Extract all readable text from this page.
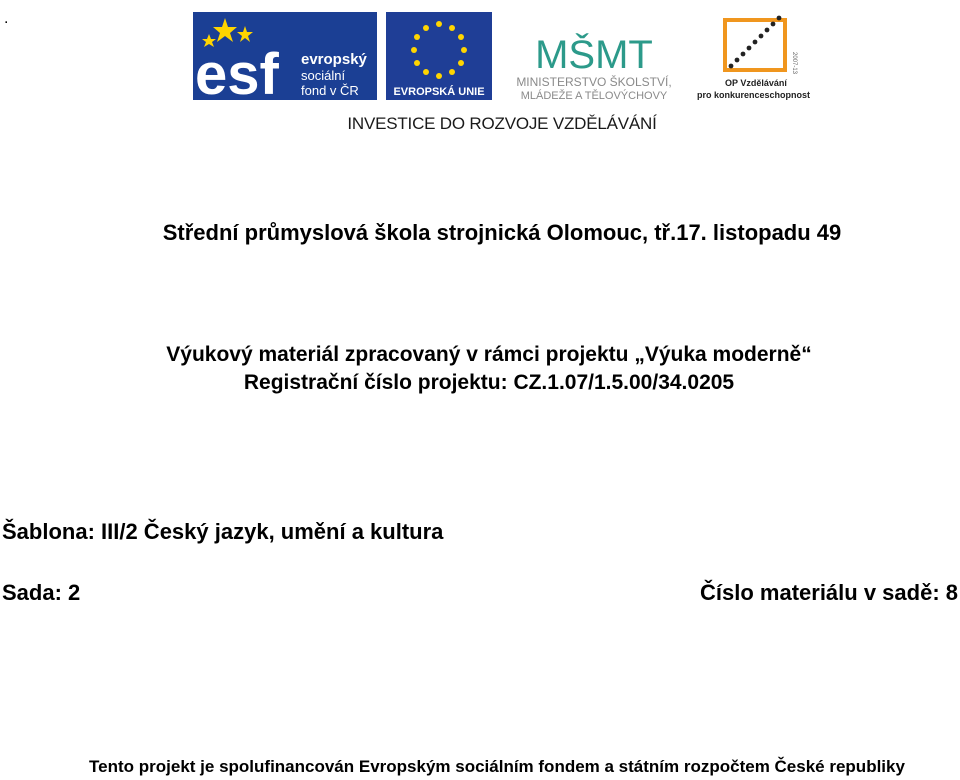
.
esf evropský
sociální
fond v ČR	EVROPSKÁ UNIE
MŠMT
MINISTERSTVO ŠKOLSTVÍ,
MLÁDEŽE A TĚLOVÝCHOVY
2007-13
OP Vzdělávání
pro konkurenceschopnost
INVESTICE DO ROZVOJE VZDĚLÁVÁNÍ
Střední průmyslová škola strojnická Olomouc, tř.17. listopadu 49
Výukový materiál zpracovaný v rámci projektu „Výuka moderně“
Registrační číslo projektu: CZ.1.07/1.5.00/34.0205
Šablona: III/2 Český jazyk, umění a kultura
Sada: 2	Číslo materiálu v sadě: 8
Tento projekt je spolufinancován Evropským sociálním fondem a státním rozpočtem České republiky
